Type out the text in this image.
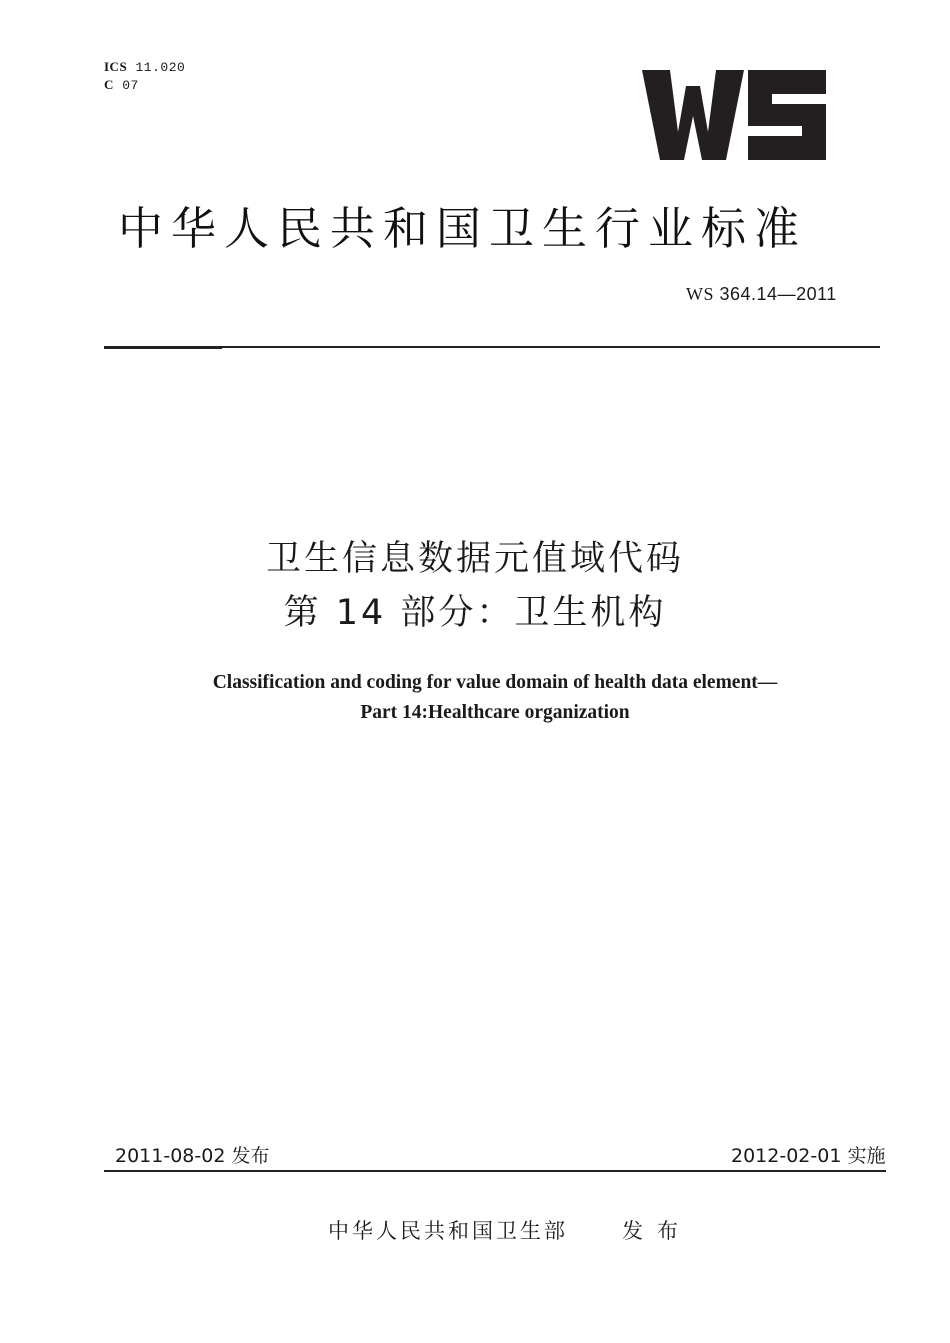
ICS 11.020
C 07
中华人民共和国卫生行业标准
WS 364.14—2011
卫生信息数据元值域代码
第 14 部分：卫生机构
Classification and coding for value domain of health data element—
Part 14:Healthcare organization
2011-08-02 发布	2012-02-01 实施
中华人民共和国卫生部	发布
